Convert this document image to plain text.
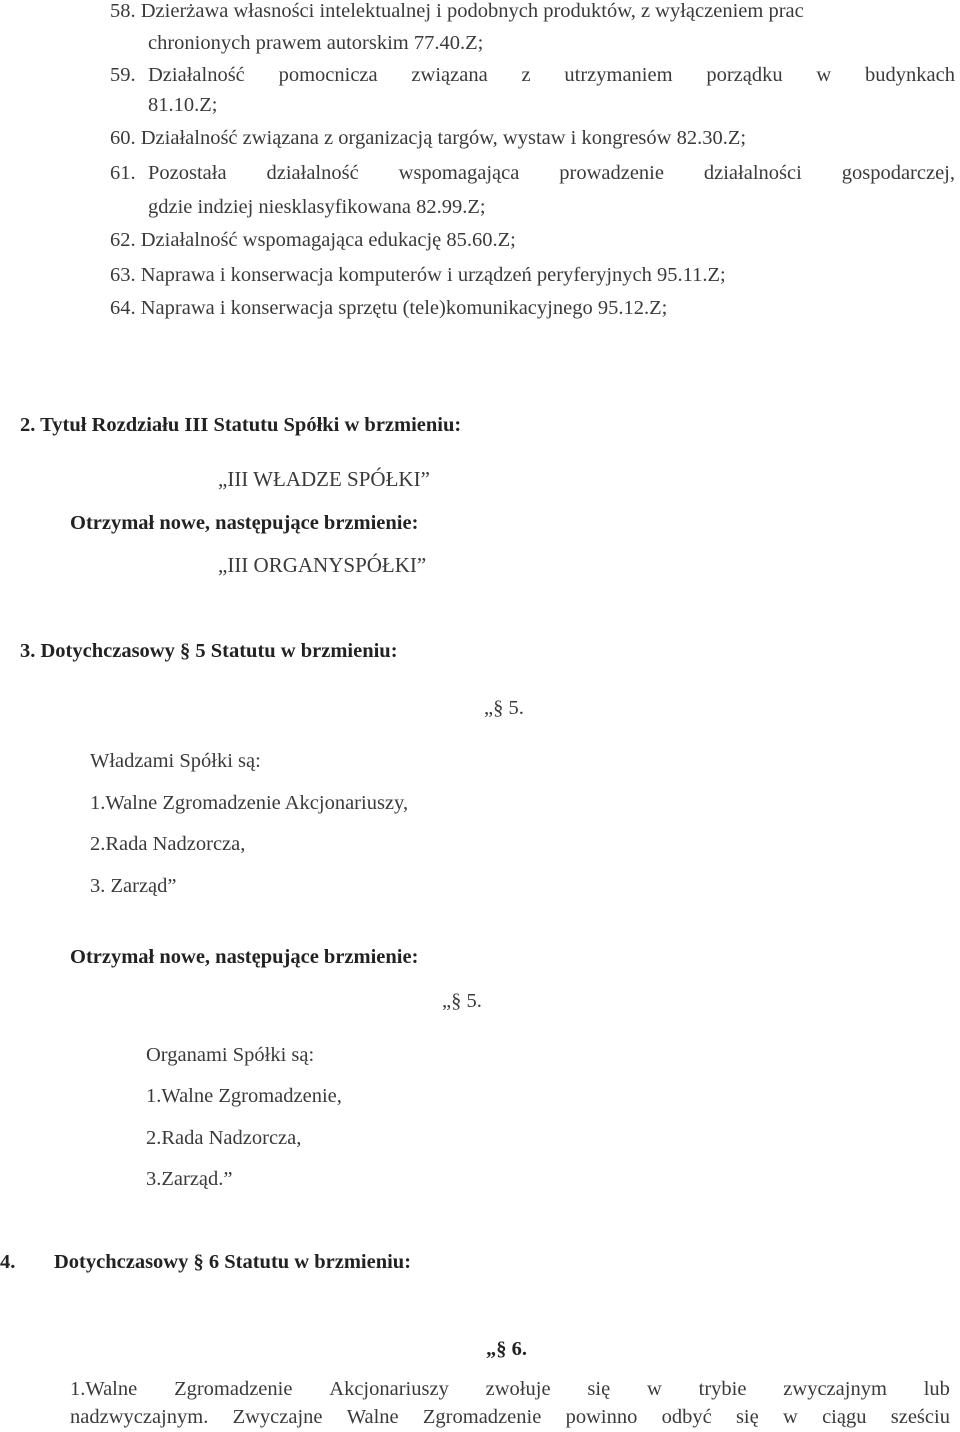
58. Dzierżawa własności intelektualnej i podobnych produktów, z wyłączeniem prac
chronionych prawem autorskim 77.40.Z;
59. Działalność pomocnicza związana z utrzymaniem porządku w budynkach
81.10.Z;
60. Działalność związana z organizacją targów, wystaw i kongresów 82.30.Z;
61. Pozostała działalność wspomagająca prowadzenie działalności gospodarczej,
gdzie indziej niesklasyfikowana 82.99.Z;
62. Działalność wspomagająca edukację 85.60.Z;
63. Naprawa i konserwacja komputerów i urządzeń peryferyjnych 95.11.Z;
64. Naprawa i konserwacja sprzętu (tele)komunikacyjnego 95.12.Z;
2. Tytuł Rozdziału III Statutu Spółki w brzmieniu:
„III WŁADZE SPÓŁKI”
Otrzymał nowe, następujące brzmienie:
„III ORGANYSPÓŁKI”
3. Dotychczasowy § 5 Statutu w brzmieniu:
„§ 5.
Władzami Spółki są:
1.Walne Zgromadzenie Akcjonariuszy,
2.Rada Nadzorcza,
3. Zarząd”
Otrzymał nowe, następujące brzmienie:
„§ 5.
Organami Spółki są:
1.Walne Zgromadzenie,
2.Rada Nadzorcza,
3.Zarząd.”
4. Dotychczasowy § 6 Statutu w brzmieniu:
„§ 6.
1.Walne Zgromadzenie Akcjonariuszy zwołuje się w trybie zwyczajnym lub
nadzwyczajnym. Zwyczajne Walne Zgromadzenie powinno odbyć się w ciągu sześciu
